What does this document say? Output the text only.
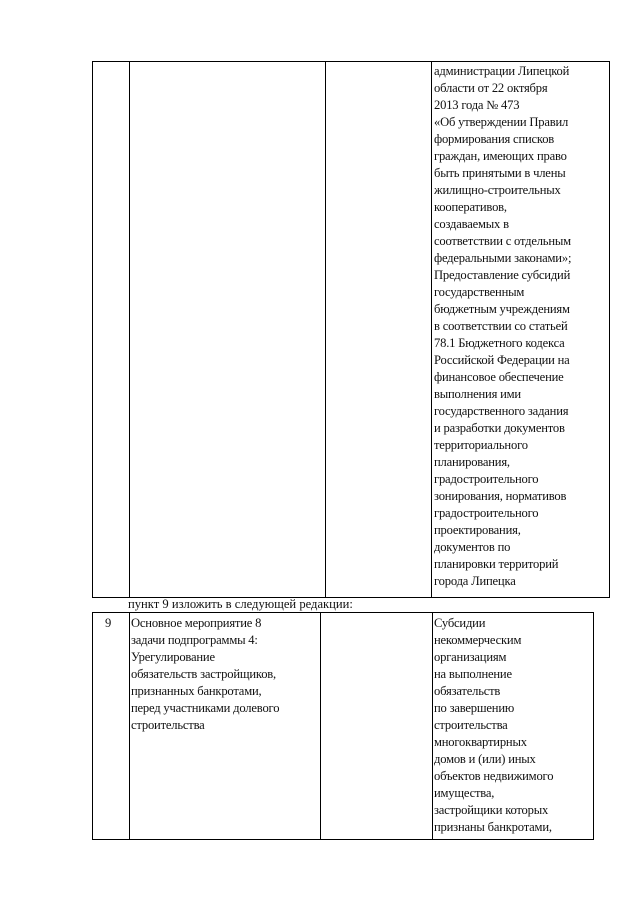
администрации Липецкой
области от 22 октября
2013 года № 473
«Об утверждении Правил
формирования списков
граждан, имеющих право
быть принятыми в члены
жилищно-строительных
кооперативов,
создаваемых в
соответствии с отдельным
федеральными законами»;
Предоставление субсидий
государственным
бюджетным учреждениям
в соответствии со статьей
78.1 Бюджетного кодекса
Российской Федерации на
финансовое обеспечение
выполнения ими
государственного задания
и разработки документов
территориального
планирования,
градостроительного
зонирования, нормативов
градостроительного
проектирования,
документов по
планировки территорий
города Липецка
пункт 9 изложить в следующей редакции:
9 Основное мероприятие 8
задачи подпрограммы 4:
Урегулирование
обязательств застройщиков,
признанных банкротами,
перед участниками долевого
строительства
Субсидии
некоммерческим
организациям
на выполнение
обязательств
по завершению
строительства
многоквартирных
домов и (или) иных
объектов недвижимого
имущества,
застройщики которых
признаны банкротами,
